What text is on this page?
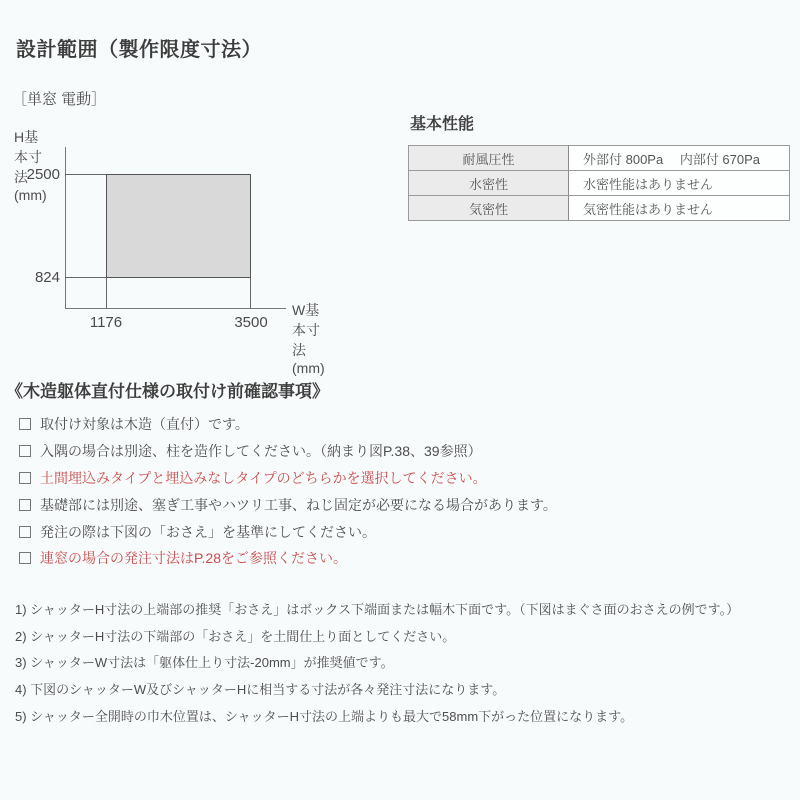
設計範囲（製作限度寸法）
［単窓 電動］
H基本寸法(mm)
2500
824
1176	3500
W基本寸法(mm)
基本性能
耐風圧性	外部付 800Pa　 内部付 670Pa
水密性	水密性能はありません
気密性	気密性能はありません
《木造躯体直付仕様の取付け前確認事項》
取付け対象は木造（直付）です。
入隅の場合は別途、柱を造作してください。（納まり図P.38、39参照）
土間埋込みタイプと埋込みなしタイプのどちらかを選択してください。
基礎部には別途、塞ぎ工事やハツリ工事、ねじ固定が必要になる場合があります。
発注の際は下図の「おさえ」を基準にしてください。
連窓の場合の発注寸法はP.28をご参照ください。
1) シャッターH寸法の上端部の推奨「おさえ」はボックス下端面または幅木下面です。（下図はまぐさ面のおさえの例です。）
2) シャッターH寸法の下端部の「おさえ」を土間仕上り面としてください。
3) シャッターW寸法は「躯体仕上り寸法-20mm」が推奨値です。
4) 下図のシャッターW及びシャッターHに相当する寸法が各々発注寸法になります。
5) シャッター全開時の巾木位置は、シャッターH寸法の上端よりも最大で58mm下がった位置になります。
